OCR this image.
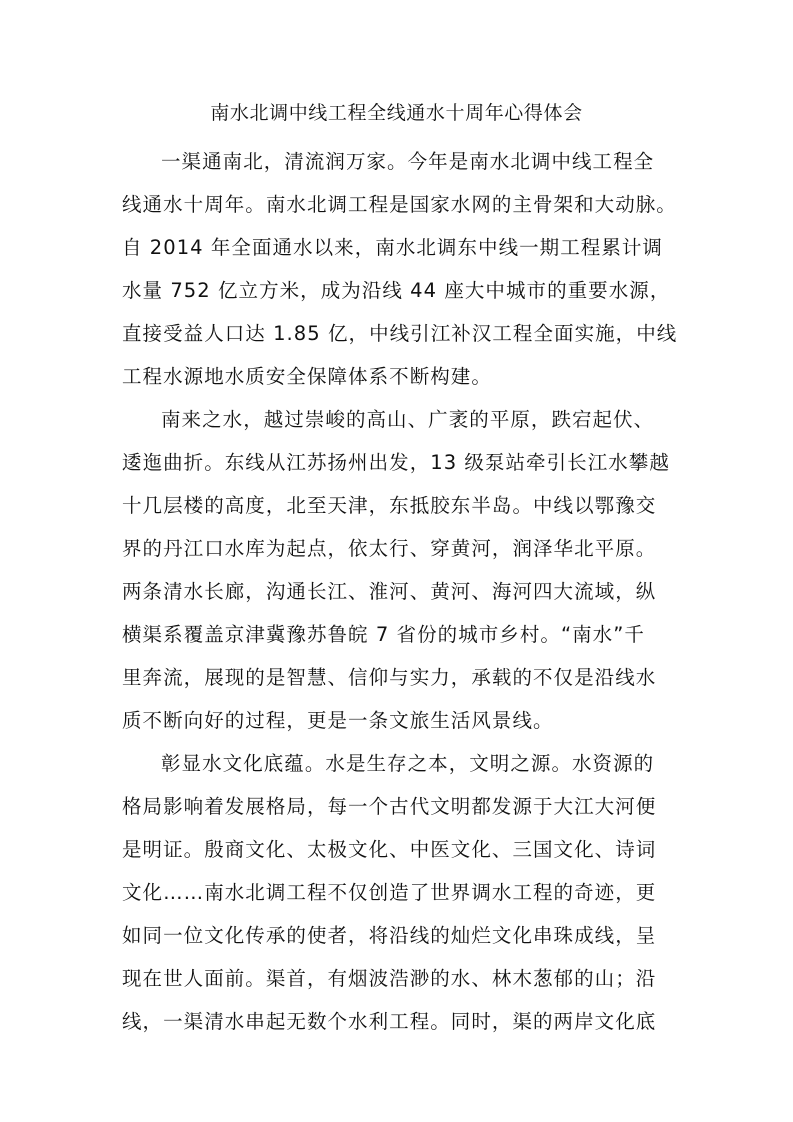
南水北调中线工程全线通水十周年心得体会
一渠通南北，清流润万家。今年是南水北调中线工程全
线通水十周年。南水北调工程是国家水网的主骨架和大动脉。
自 2014 年全面通水以来，南水北调东中线一期工程累计调
水量 752 亿立方米，成为沿线 44 座大中城市的重要水源，
直接受益人口达 1.85 亿，中线引江补汉工程全面实施，中线
工程水源地水质安全保障体系不断构建。
南来之水，越过崇峻的高山、广袤的平原，跌宕起伏、
逶迤曲折。东线从江苏扬州出发，13 级泵站牵引长江水攀越
十几层楼的高度，北至天津，东抵胶东半岛。中线以鄂豫交
界的丹江口水库为起点，依太行、穿黄河，润泽华北平原。
两条清水长廊，沟通长江、淮河、黄河、海河四大流域，纵
横渠系覆盖京津冀豫苏鲁皖 7 省份的城市乡村。“南水”千
里奔流，展现的是智慧、信仰与实力，承载的不仅是沿线水
质不断向好的过程，更是一条文旅生活风景线。
彰显水文化底蕴。水是生存之本，文明之源。水资源的
格局影响着发展格局，每一个古代文明都发源于大江大河便
是明证。殷商文化、太极文化、中医文化、三国文化、诗词
文化……南水北调工程不仅创造了世界调水工程的奇迹，更
如同一位文化传承的使者，将沿线的灿烂文化串珠成线，呈
现在世人面前。渠首，有烟波浩渺的水、林木葱郁的山；沿
线，一渠清水串起无数个水利工程。同时，渠的两岸文化底
